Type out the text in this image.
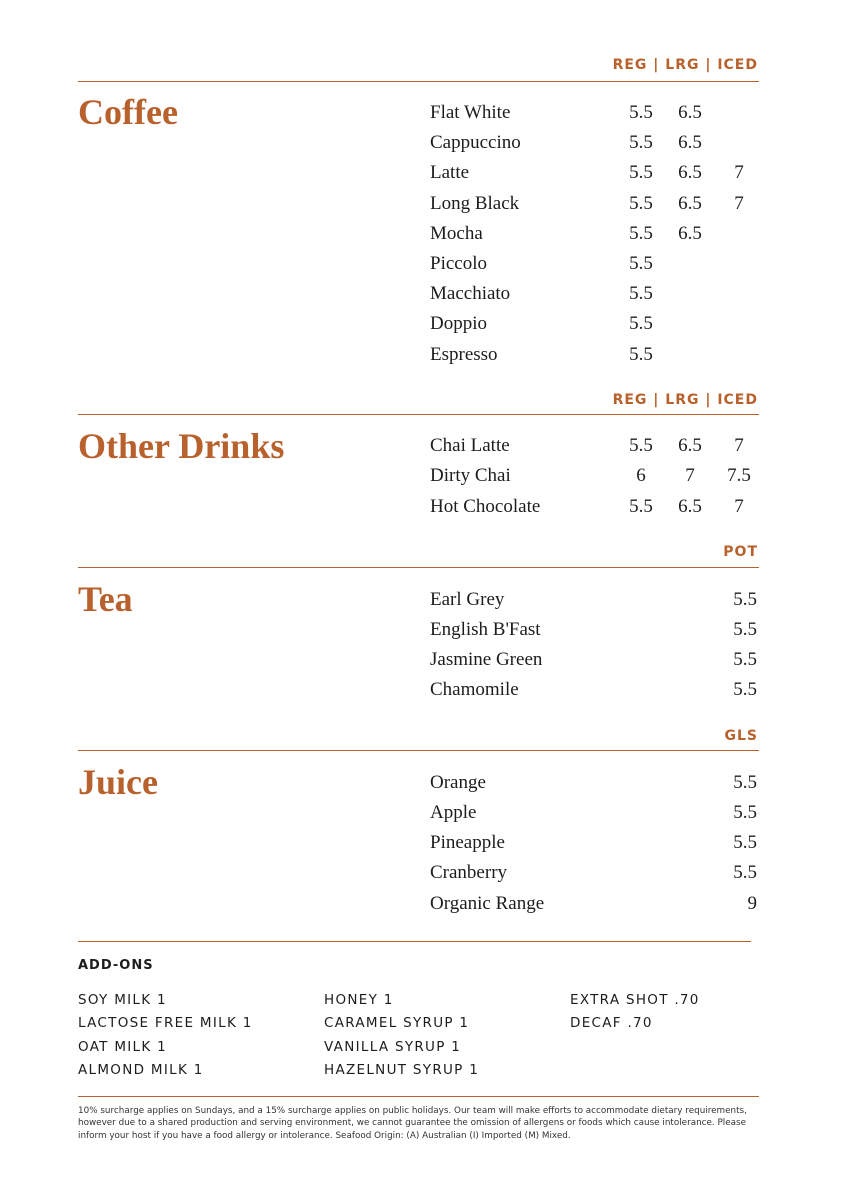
REG | LRG | ICED
Coffee	Flat White	5.5	6.5
Cappuccino	5.5	6.5
Latte	5.5	6.5	7
Long Black	5.5	6.5	7
Mocha	5.5	6.5
Piccolo	5.5
Macchiato	5.5
Doppio	5.5
Espresso	5.5
REG | LRG | ICED
Other Drinks	Chai Latte	5.5	6.5	7
Dirty Chai	6	7	7.5
Hot Chocolate	5.5	6.5	7
POT
Tea	Earl Grey	5.5
English B'Fast	5.5
Jasmine Green	5.5
Chamomile	5.5
GLS
Juice	Orange	5.5
Apple	5.5
Pineapple	5.5
Cranberry	5.5
Organic Range	9
ADD-ONS
SOY MILK 1
LACTOSE FREE MILK 1
OAT MILK 1
ALMOND MILK 1
HONEY 1
CARAMEL SYRUP 1
VANILLA SYRUP 1
HAZELNUT SYRUP 1
EXTRA SHOT .70
DECAF .70
10% surcharge applies on Sundays, and a 15% surcharge applies on public holidays. Our team will make efforts to accommodate dietary requirements, however due to a shared production and serving environment, we cannot guarantee the omission of allergens or foods which cause intolerance. Please inform your host if you have a food allergy or intolerance. Seafood Origin: (A) Australian (I) Imported (M) Mixed.
